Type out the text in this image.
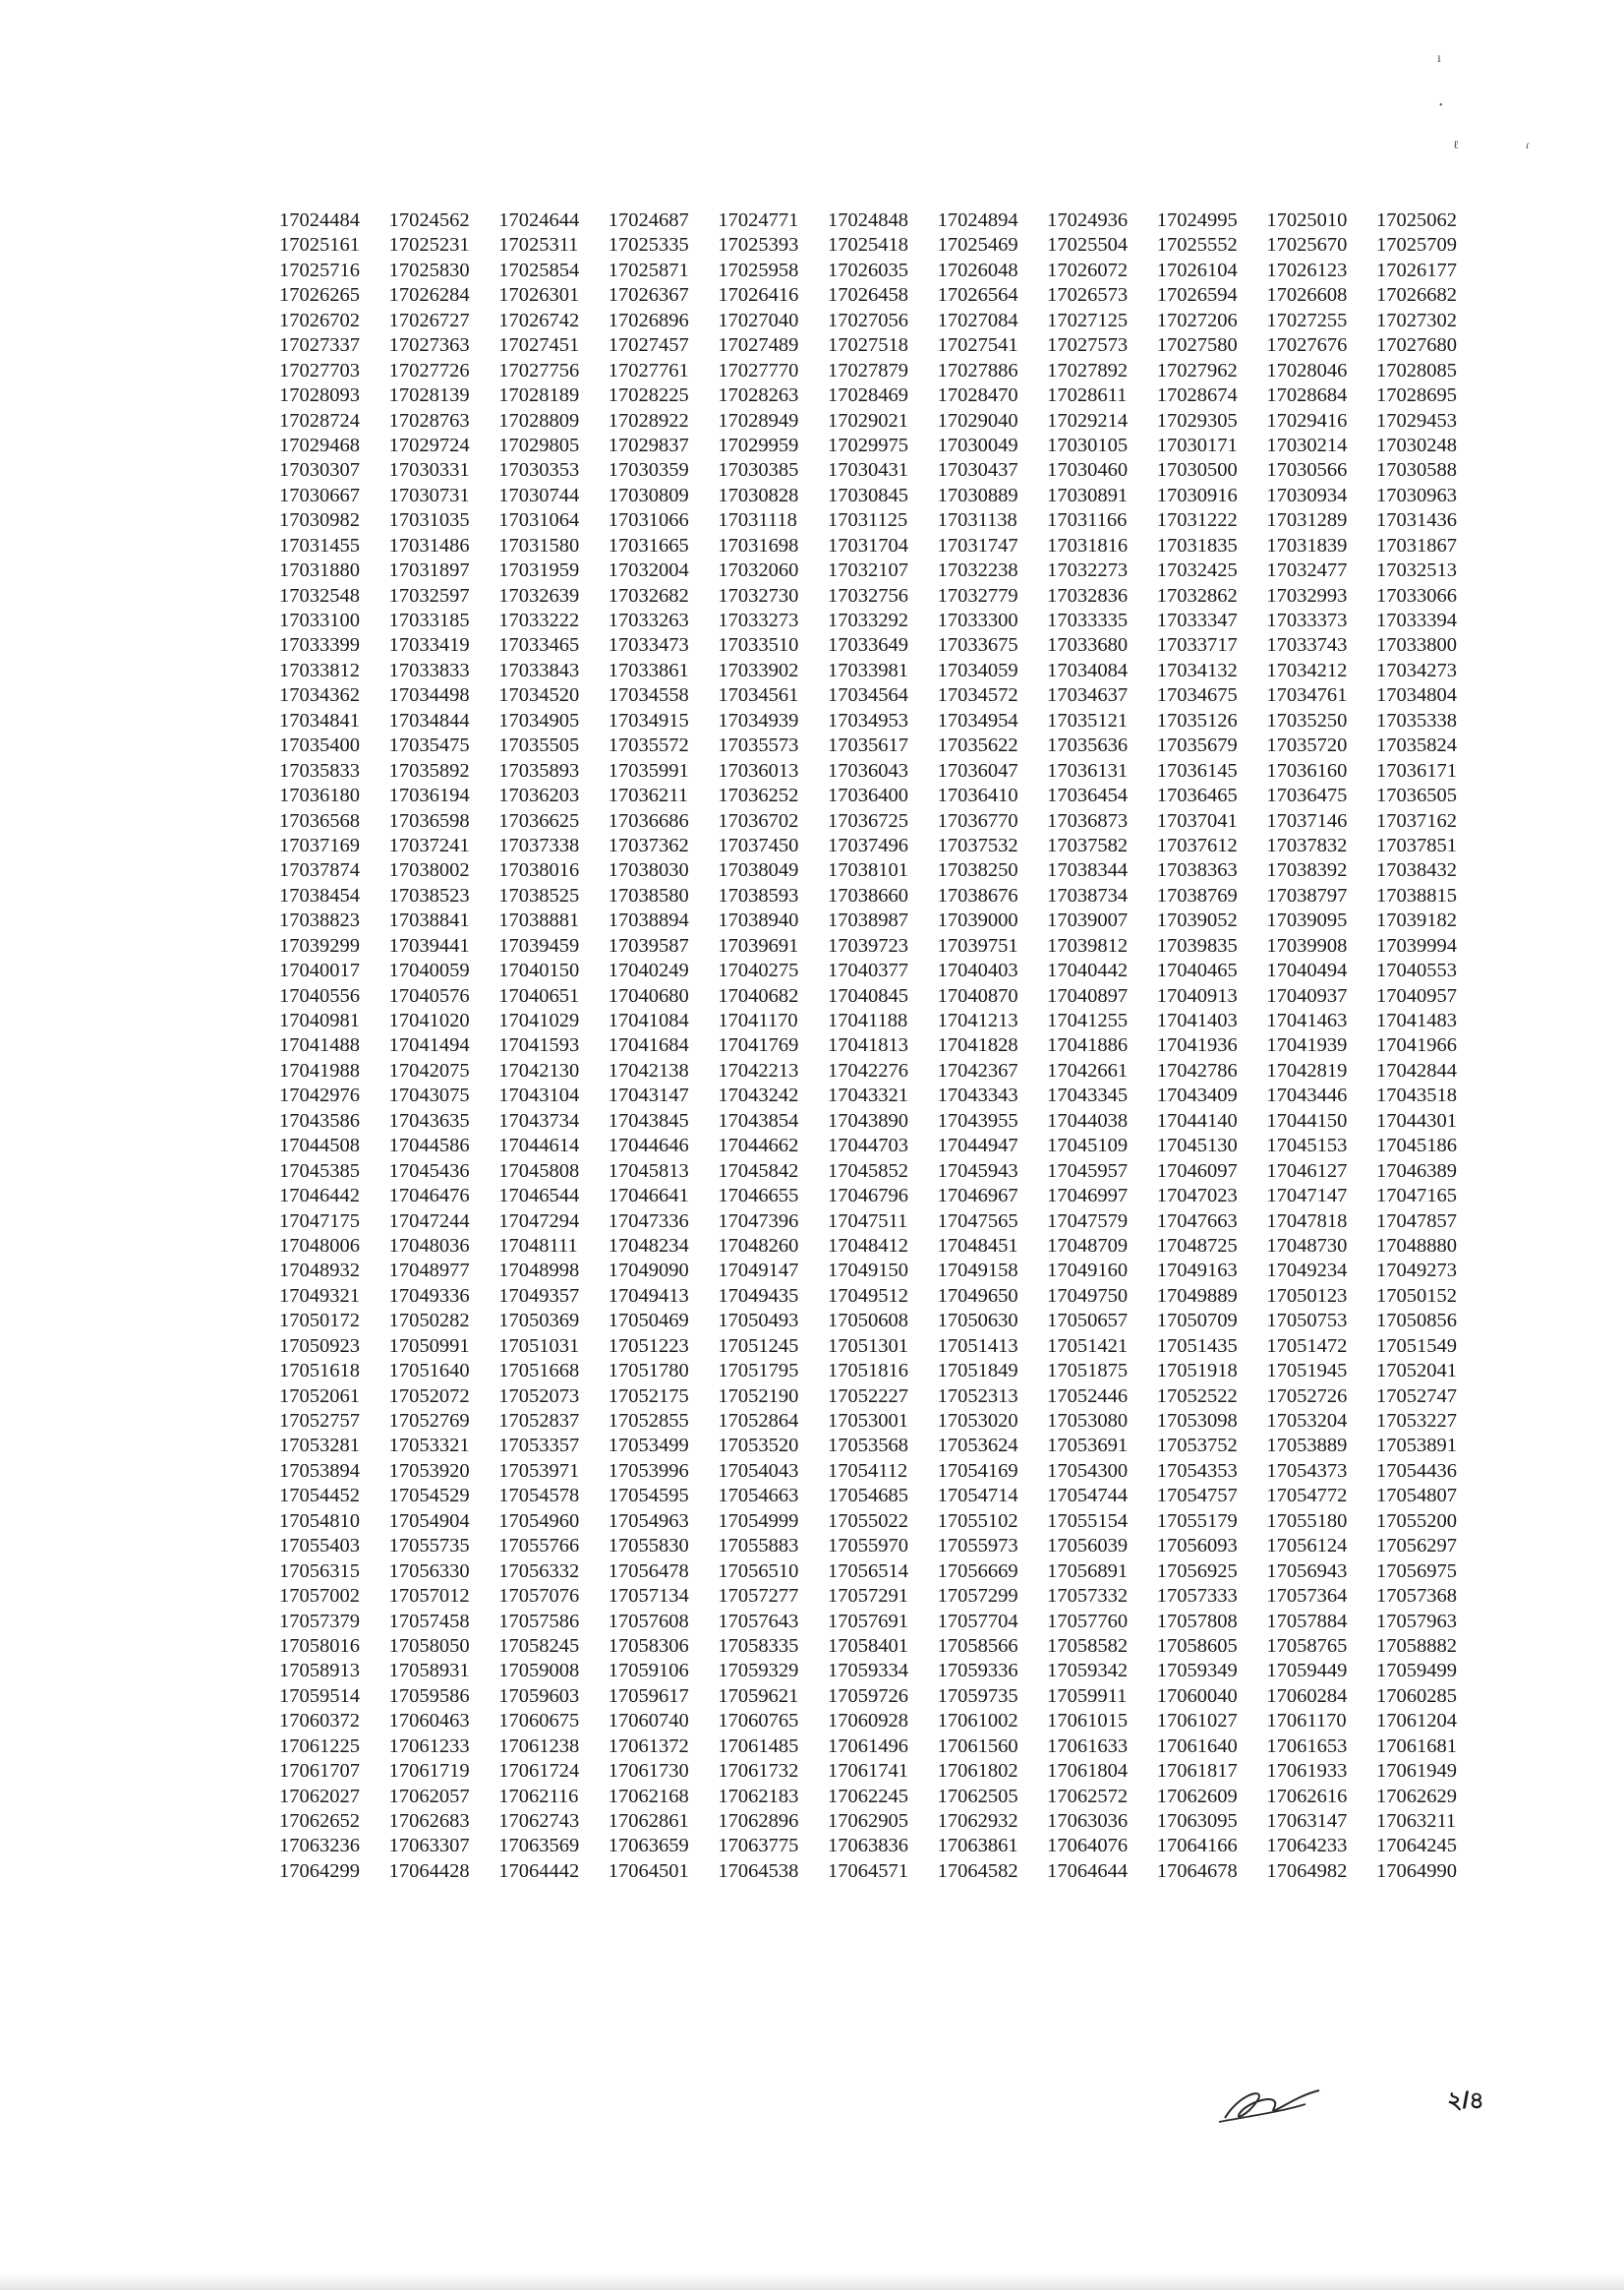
ı
•
ℓ	ɾ
17024484	17024562	17024644	17024687	17024771	17024848	17024894	17024936	17024995	17025010	17025062
17025161	17025231	17025311	17025335	17025393	17025418	17025469	17025504	17025552	17025670	17025709
17025716	17025830	17025854	17025871	17025958	17026035	17026048	17026072	17026104	17026123	17026177
17026265	17026284	17026301	17026367	17026416	17026458	17026564	17026573	17026594	17026608	17026682
17026702	17026727	17026742	17026896	17027040	17027056	17027084	17027125	17027206	17027255	17027302
17027337	17027363	17027451	17027457	17027489	17027518	17027541	17027573	17027580	17027676	17027680
17027703	17027726	17027756	17027761	17027770	17027879	17027886	17027892	17027962	17028046	17028085
17028093	17028139	17028189	17028225	17028263	17028469	17028470	17028611	17028674	17028684	17028695
17028724	17028763	17028809	17028922	17028949	17029021	17029040	17029214	17029305	17029416	17029453
17029468	17029724	17029805	17029837	17029959	17029975	17030049	17030105	17030171	17030214	17030248
17030307	17030331	17030353	17030359	17030385	17030431	17030437	17030460	17030500	17030566	17030588
17030667	17030731	17030744	17030809	17030828	17030845	17030889	17030891	17030916	17030934	17030963
17030982	17031035	17031064	17031066	17031118	17031125	17031138	17031166	17031222	17031289	17031436
17031455	17031486	17031580	17031665	17031698	17031704	17031747	17031816	17031835	17031839	17031867
17031880	17031897	17031959	17032004	17032060	17032107	17032238	17032273	17032425	17032477	17032513
17032548	17032597	17032639	17032682	17032730	17032756	17032779	17032836	17032862	17032993	17033066
17033100	17033185	17033222	17033263	17033273	17033292	17033300	17033335	17033347	17033373	17033394
17033399	17033419	17033465	17033473	17033510	17033649	17033675	17033680	17033717	17033743	17033800
17033812	17033833	17033843	17033861	17033902	17033981	17034059	17034084	17034132	17034212	17034273
17034362	17034498	17034520	17034558	17034561	17034564	17034572	17034637	17034675	17034761	17034804
17034841	17034844	17034905	17034915	17034939	17034953	17034954	17035121	17035126	17035250	17035338
17035400	17035475	17035505	17035572	17035573	17035617	17035622	17035636	17035679	17035720	17035824
17035833	17035892	17035893	17035991	17036013	17036043	17036047	17036131	17036145	17036160	17036171
17036180	17036194	17036203	17036211	17036252	17036400	17036410	17036454	17036465	17036475	17036505
17036568	17036598	17036625	17036686	17036702	17036725	17036770	17036873	17037041	17037146	17037162
17037169	17037241	17037338	17037362	17037450	17037496	17037532	17037582	17037612	17037832	17037851
17037874	17038002	17038016	17038030	17038049	17038101	17038250	17038344	17038363	17038392	17038432
17038454	17038523	17038525	17038580	17038593	17038660	17038676	17038734	17038769	17038797	17038815
17038823	17038841	17038881	17038894	17038940	17038987	17039000	17039007	17039052	17039095	17039182
17039299	17039441	17039459	17039587	17039691	17039723	17039751	17039812	17039835	17039908	17039994
17040017	17040059	17040150	17040249	17040275	17040377	17040403	17040442	17040465	17040494	17040553
17040556	17040576	17040651	17040680	17040682	17040845	17040870	17040897	17040913	17040937	17040957
17040981	17041020	17041029	17041084	17041170	17041188	17041213	17041255	17041403	17041463	17041483
17041488	17041494	17041593	17041684	17041769	17041813	17041828	17041886	17041936	17041939	17041966
17041988	17042075	17042130	17042138	17042213	17042276	17042367	17042661	17042786	17042819	17042844
17042976	17043075	17043104	17043147	17043242	17043321	17043343	17043345	17043409	17043446	17043518
17043586	17043635	17043734	17043845	17043854	17043890	17043955	17044038	17044140	17044150	17044301
17044508	17044586	17044614	17044646	17044662	17044703	17044947	17045109	17045130	17045153	17045186
17045385	17045436	17045808	17045813	17045842	17045852	17045943	17045957	17046097	17046127	17046389
17046442	17046476	17046544	17046641	17046655	17046796	17046967	17046997	17047023	17047147	17047165
17047175	17047244	17047294	17047336	17047396	17047511	17047565	17047579	17047663	17047818	17047857
17048006	17048036	17048111	17048234	17048260	17048412	17048451	17048709	17048725	17048730	17048880
17048932	17048977	17048998	17049090	17049147	17049150	17049158	17049160	17049163	17049234	17049273
17049321	17049336	17049357	17049413	17049435	17049512	17049650	17049750	17049889	17050123	17050152
17050172	17050282	17050369	17050469	17050493	17050608	17050630	17050657	17050709	17050753	17050856
17050923	17050991	17051031	17051223	17051245	17051301	17051413	17051421	17051435	17051472	17051549
17051618	17051640	17051668	17051780	17051795	17051816	17051849	17051875	17051918	17051945	17052041
17052061	17052072	17052073	17052175	17052190	17052227	17052313	17052446	17052522	17052726	17052747
17052757	17052769	17052837	17052855	17052864	17053001	17053020	17053080	17053098	17053204	17053227
17053281	17053321	17053357	17053499	17053520	17053568	17053624	17053691	17053752	17053889	17053891
17053894	17053920	17053971	17053996	17054043	17054112	17054169	17054300	17054353	17054373	17054436
17054452	17054529	17054578	17054595	17054663	17054685	17054714	17054744	17054757	17054772	17054807
17054810	17054904	17054960	17054963	17054999	17055022	17055102	17055154	17055179	17055180	17055200
17055403	17055735	17055766	17055830	17055883	17055970	17055973	17056039	17056093	17056124	17056297
17056315	17056330	17056332	17056478	17056510	17056514	17056669	17056891	17056925	17056943	17056975
17057002	17057012	17057076	17057134	17057277	17057291	17057299	17057332	17057333	17057364	17057368
17057379	17057458	17057586	17057608	17057643	17057691	17057704	17057760	17057808	17057884	17057963
17058016	17058050	17058245	17058306	17058335	17058401	17058566	17058582	17058605	17058765	17058882
17058913	17058931	17059008	17059106	17059329	17059334	17059336	17059342	17059349	17059449	17059499
17059514	17059586	17059603	17059617	17059621	17059726	17059735	17059911	17060040	17060284	17060285
17060372	17060463	17060675	17060740	17060765	17060928	17061002	17061015	17061027	17061170	17061204
17061225	17061233	17061238	17061372	17061485	17061496	17061560	17061633	17061640	17061653	17061681
17061707	17061719	17061724	17061730	17061732	17061741	17061802	17061804	17061817	17061933	17061949
17062027	17062057	17062116	17062168	17062183	17062245	17062505	17062572	17062609	17062616	17062629
17062652	17062683	17062743	17062861	17062896	17062905	17062932	17063036	17063095	17063147	17063211
17063236	17063307	17063569	17063659	17063775	17063836	17063861	17064076	17064166	17064233	17064245
17064299	17064428	17064442	17064501	17064538	17064571	17064582	17064644	17064678	17064982	17064990
২/৪
